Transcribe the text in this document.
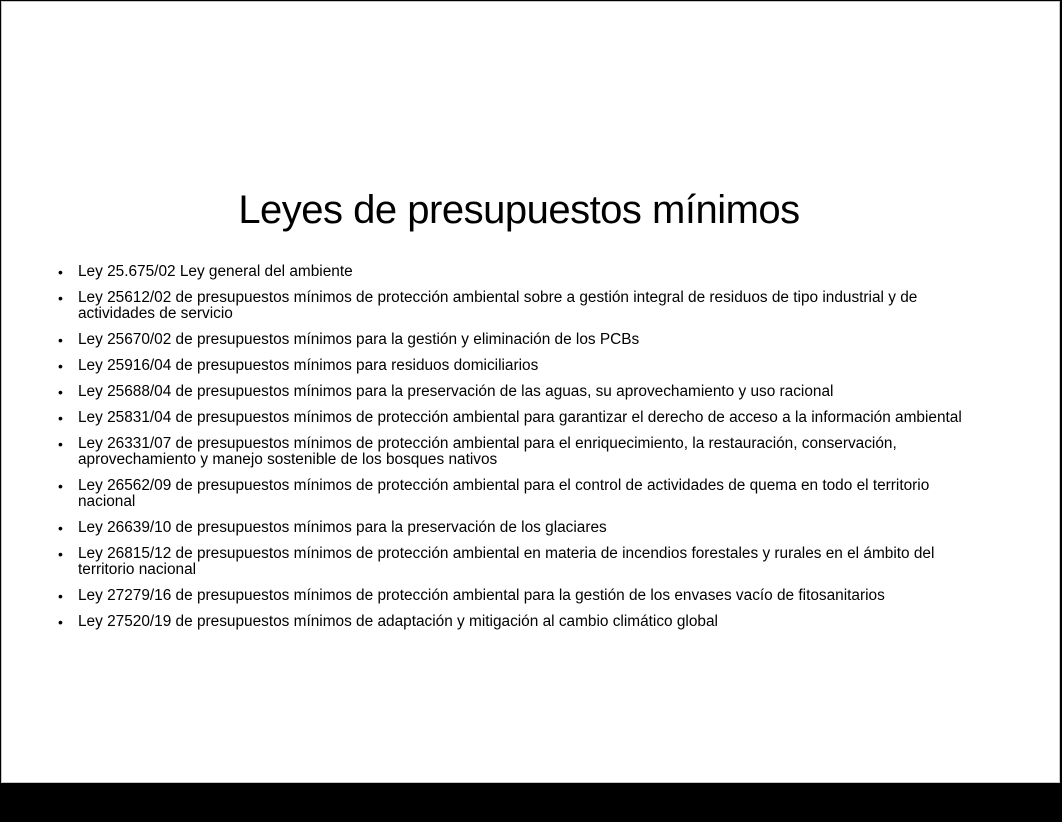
Leyes de presupuestos mínimos
• Ley 25.675/02 Ley general del ambiente
• Ley 25612/02 de presupuestos mínimos de protección ambiental sobre a gestión integral de residuos de tipo industrial y de actividades de servicio
• Ley 25670/02 de presupuestos mínimos para la gestión y eliminación de los PCBs
• Ley 25916/04 de presupuestos mínimos para residuos domiciliarios
• Ley 25688/04 de presupuestos mínimos para la preservación de las aguas, su aprovechamiento y uso racional
• Ley 25831/04 de presupuestos mínimos de protección ambiental para garantizar el derecho de acceso a la información ambiental
• Ley 26331/07 de presupuestos mínimos de protección ambiental para el enriquecimiento, la restauración, conservación, aprovechamiento y manejo sostenible de los bosques nativos
• Ley 26562/09 de presupuestos mínimos de protección ambiental para el control de actividades de quema en todo el territorio nacional
• Ley 26639/10 de presupuestos mínimos para la preservación de los glaciares
• Ley 26815/12 de presupuestos mínimos de protección ambiental en materia de incendios forestales y rurales en el ámbito del territorio nacional
• Ley 27279/16 de presupuestos mínimos de protección ambiental para la gestión de los envases vacío de fitosanitarios
• Ley 27520/19 de presupuestos mínimos de adaptación y mitigación al cambio climático global
